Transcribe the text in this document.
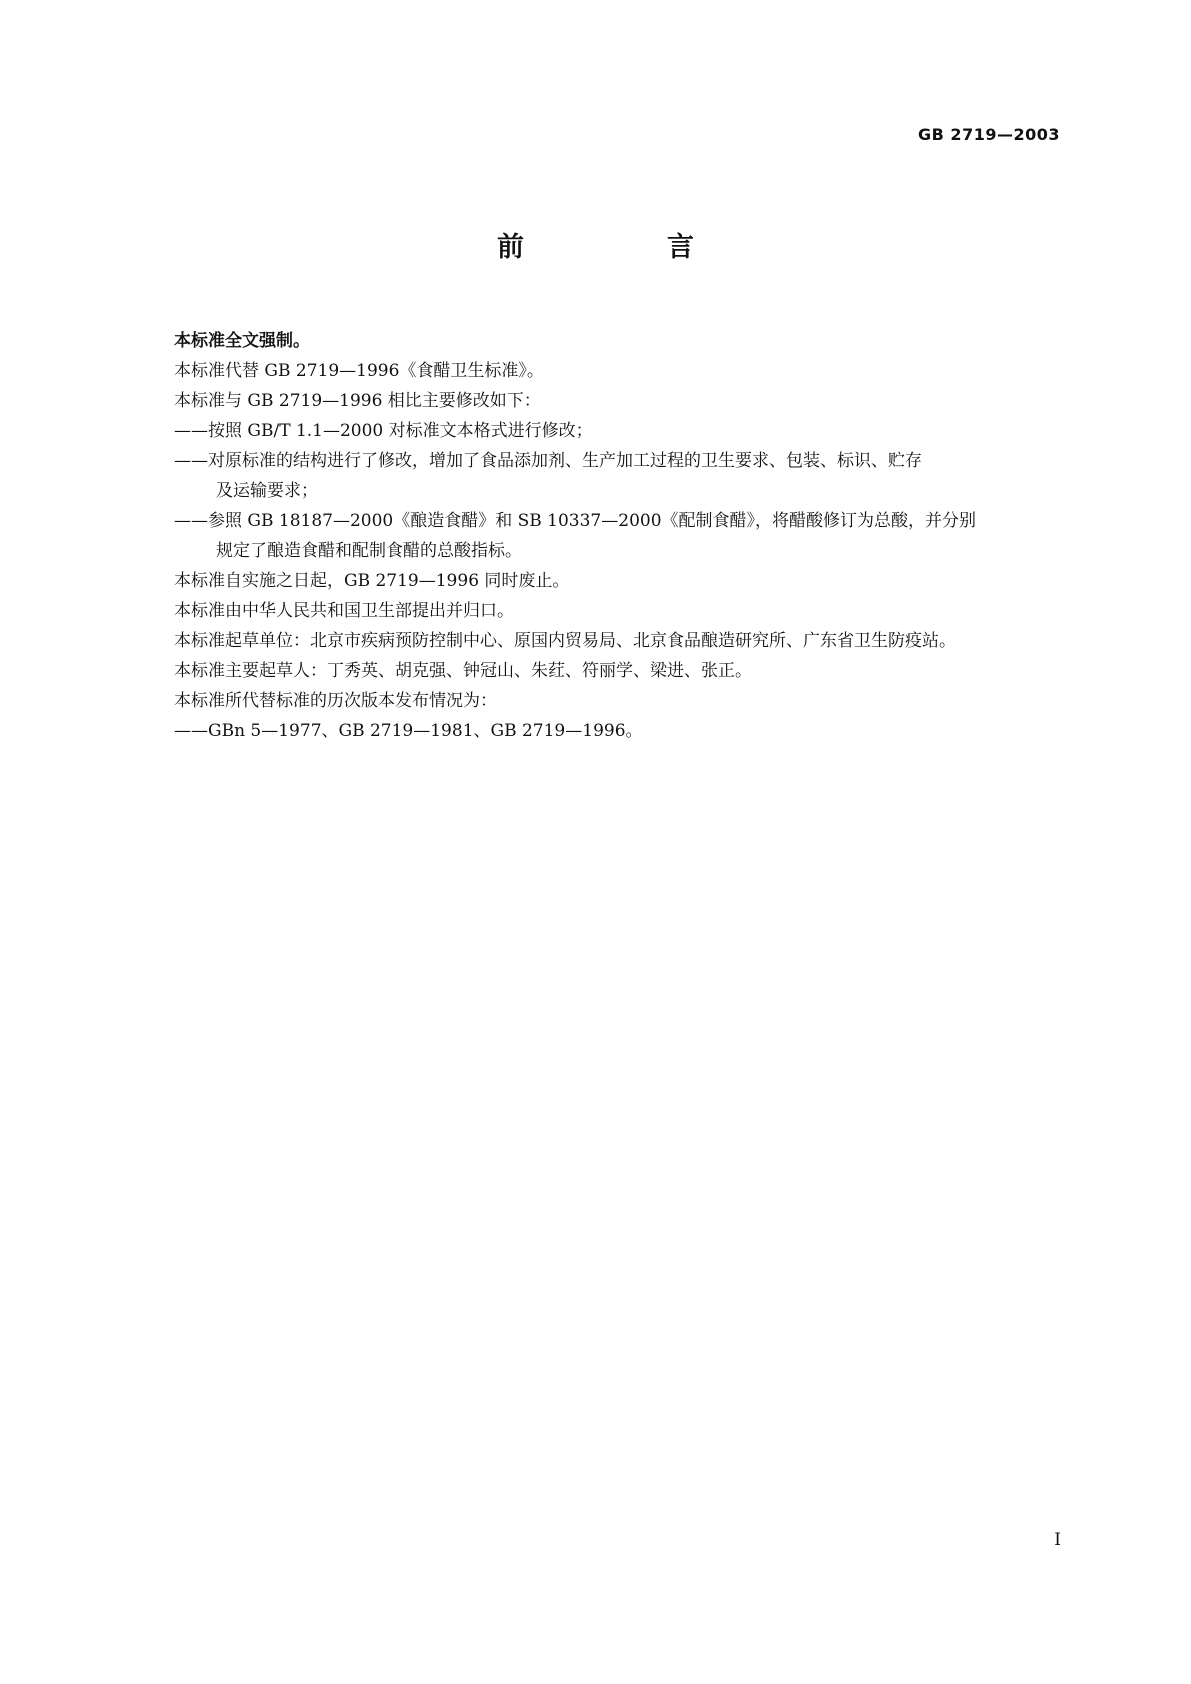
GB 2719—2003
前　言

本标准全文强制。

本标准代替 GB 2719—1996《食醋卫生标准》。

本标准与 GB 2719—1996 相比主要修改如下：

——按照 GB/T 1.1—2000 对标准文本格式进行修改；
——对原标准的结构进行了修改，增加了食品添加剂、生产加工过程的卫生要求、包装、标识、贮存
及运输要求；
——参照 GB 18187—2000《酿造食醋》和 SB 10337—2000《配制食醋》，将醋酸修订为总酸，并分别
规定了酿造食醋和配制食醋的总酸指标。

本标准自实施之日起，GB 2719—1996 同时废止。

本标准由中华人民共和国卫生部提出并归口。

本标准起草单位：北京市疾病预防控制中心、原国内贸易局、北京食品酿造研究所、广东省卫生防疫站。

本标准主要起草人：丁秀英、胡克强、钟冠山、朱荭、符丽学、梁进、张正。

本标准所代替标准的历次版本发布情况为：

——GBn 5—1977、GB 2719—1981、GB 2719—1996。
I
